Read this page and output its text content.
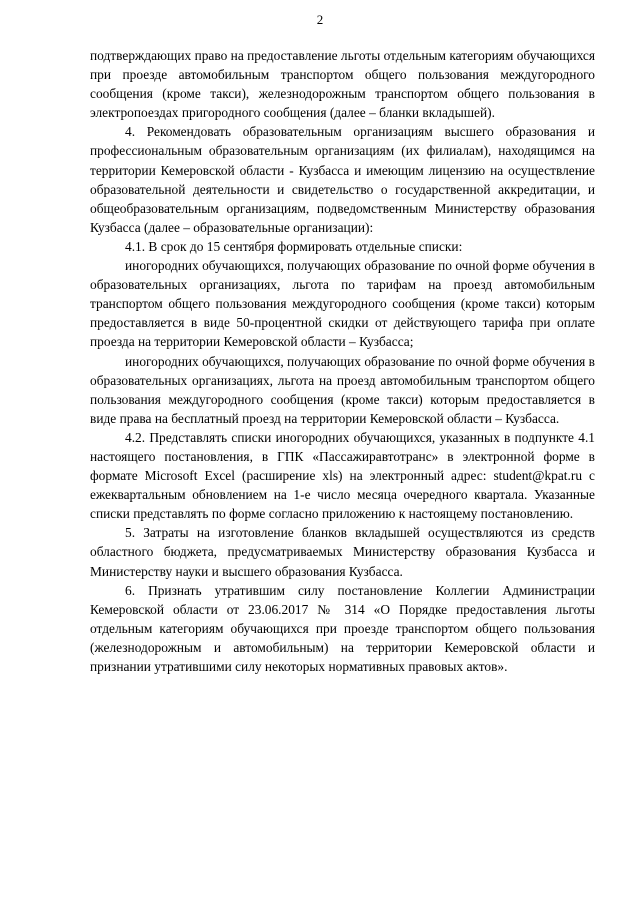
2

подтверждающих право на предоставление льготы отдельным категориям обучающихся при проезде автомобильным транспортом общего пользования междугородного сообщения (кроме такси), железнодорожным транспортом общего пользования в электропоездах пригородного сообщения (далее – бланки вкладышей).

4. Рекомендовать образовательным организациям высшего образования и профессиональным образовательным организациям (их филиалам), находящимся на территории Кемеровской области - Кузбасса и имеющим лицензию на осуществление образовательной деятельности и свидетельство о государственной аккредитации, и общеобразовательным организациям, подведомственным Министерству образования Кузбасса (далее – образовательные организации):

4.1. В срок до 15 сентября формировать отдельные списки:

иногородних обучающихся, получающих образование по очной форме обучения в образовательных организациях, льгота по тарифам на проезд автомобильным транспортом общего пользования междугородного сообщения (кроме такси) которым предоставляется в виде 50-процентной скидки от действующего тарифа при оплате проезда на территории Кемеровской области – Кузбасса;

иногородних обучающихся, получающих образование по очной форме обучения в образовательных организациях, льгота на проезд автомобильным транспортом общего пользования междугородного сообщения (кроме такси) которым предоставляется в виде права на бесплатный проезд на территории Кемеровской области – Кузбасса.

4.2. Представлять списки иногородних обучающихся, указанных в подпункте 4.1 настоящего постановления, в ГПК «Пассажиравтотранс» в электронной форме в формате Microsoft Excel (расширение xls) на электронный адрес: student@kpat.ru с ежеквартальным обновлением на 1-е число месяца очередного квартала. Указанные списки представлять по форме согласно приложению к настоящему постановлению.

5. Затраты на изготовление бланков вкладышей осуществляются из средств областного бюджета, предусматриваемых Министерству образования Кузбасса и Министерству науки и высшего образования Кузбасса.

6. Признать утратившим силу постановление Коллегии Администрации Кемеровской области от 23.06.2017 № 314 «О Порядке предоставления льготы отдельным категориям обучающихся при проезде транспортом общего пользования (железнодорожным и автомобильным) на территории Кемеровской области и признании утратившими силу некоторых нормативных правовых актов».
